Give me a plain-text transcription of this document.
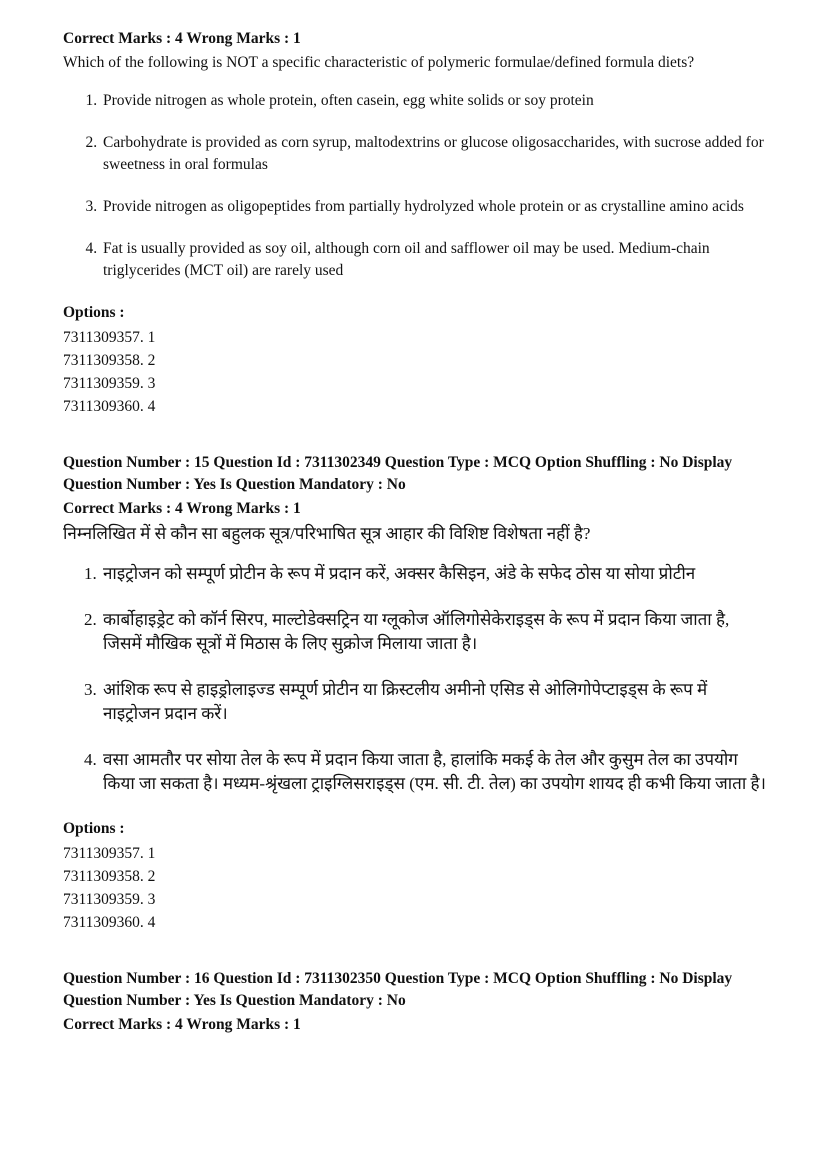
Correct Marks : 4 Wrong Marks : 1

Which of the following is NOT a specific characteristic of polymeric formulae/defined formula diets?

1. Provide nitrogen as whole protein, often casein, egg white solids or soy protein
2. Carbohydrate is provided as corn syrup, maltodextrins or glucose oligosaccharides, with sucrose added for sweetness in oral formulas
3. Provide nitrogen as oligopeptides from partially hydrolyzed whole protein or as crystalline amino acids
4. Fat is usually provided as soy oil, although corn oil and safflower oil may be used. Medium-chain triglycerides (MCT oil) are rarely used

Options :

7311309357. 1

7311309358. 2

7311309359. 3

7311309360. 4

Question Number : 15 Question Id : 7311302349 Question Type : MCQ Option Shuffling : No Display Question Number : Yes Is Question Mandatory : No

Correct Marks : 4 Wrong Marks : 1

निम्नलिखित में से कौन सा बहुलक सूत्र/परिभाषित सूत्र आहार की विशिष्ट विशेषता नहीं है?

1. नाइट्रोजन को सम्पूर्ण प्रोटीन के रूप में प्रदान करें, अक्सर कैसिइन, अंडे के सफेद ठोस या सोया प्रोटीन
2. कार्बोहाइड्रेट को कॉर्न सिरप, माल्टोडेक्सट्रिन या ग्लूकोज ऑलिगोसेकेराइड्स के रूप में प्रदान किया जाता है, जिसमें मौखिक सूत्रों में मिठास के लिए सुक्रोज मिलाया जाता है।
3. आंशिक रूप से हाइड्रोलाइज्ड सम्पूर्ण प्रोटीन या क्रिस्टलीय अमीनो एसिड से ओलिगोपेप्टाइड्स के रूप में नाइट्रोजन प्रदान करें।
4. वसा आमतौर पर सोया तेल के रूप में प्रदान किया जाता है, हालांकि मकई के तेल और कुसुम तेल का उपयोग किया जा सकता है। मध्यम-श्रृंखला ट्राइग्लिसराइड्स (एम. सी. टी. तेल) का उपयोग शायद ही कभी किया जाता है।

Options :

7311309357. 1

7311309358. 2

7311309359. 3

7311309360. 4

Question Number : 16 Question Id : 7311302350 Question Type : MCQ Option Shuffling : No Display Question Number : Yes Is Question Mandatory : No

Correct Marks : 4 Wrong Marks : 1
